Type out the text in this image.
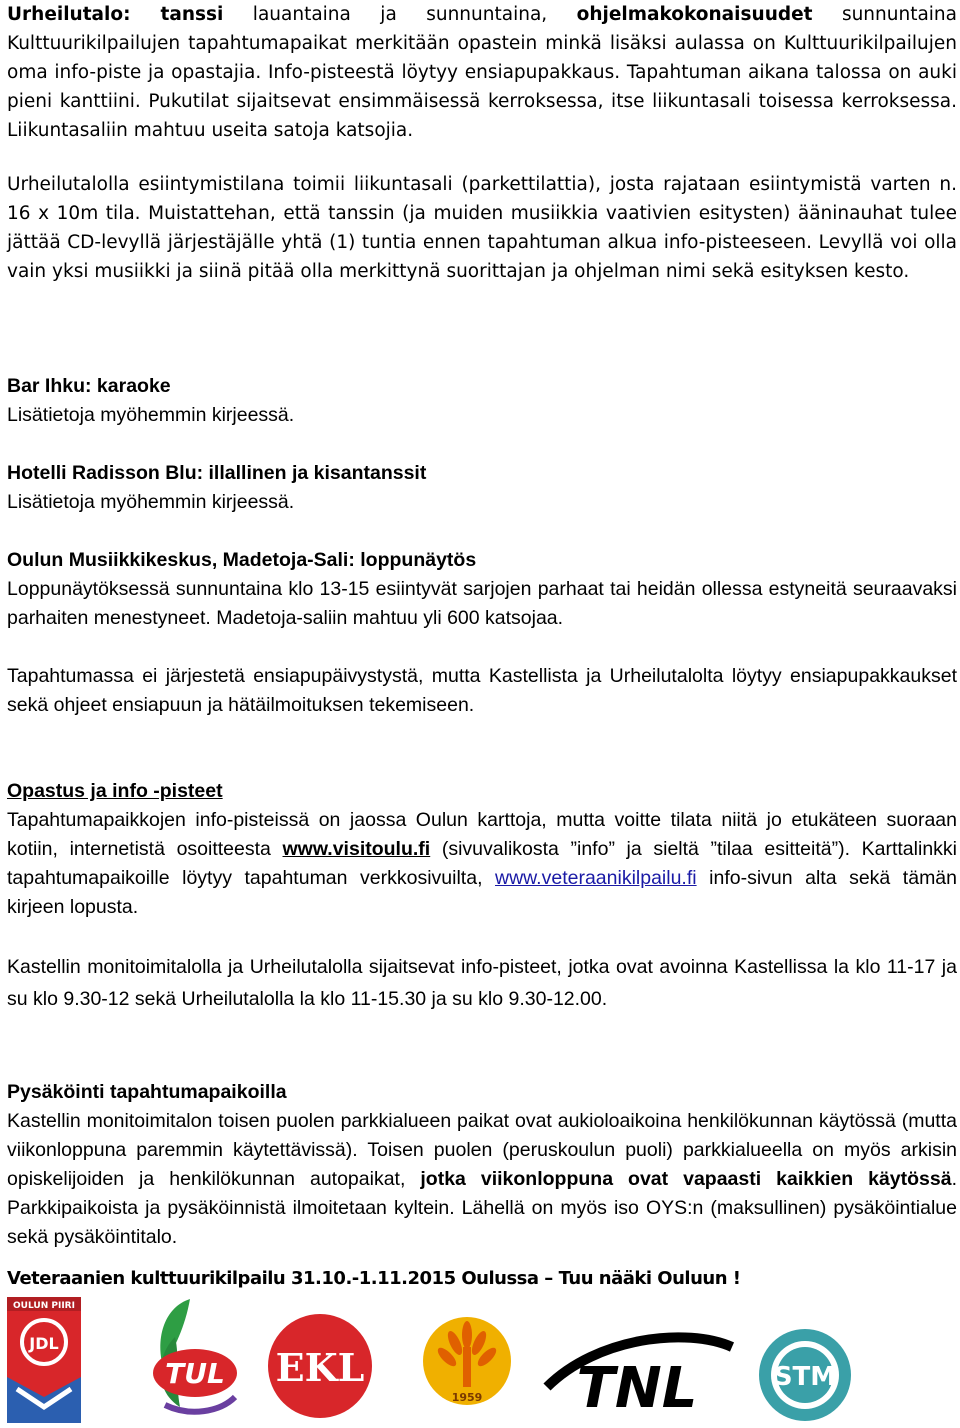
Urheilutalo: tanssi lauantaina ja sunnuntaina, ohjelmakokonaisuudet sunnuntaina Kulttuurikilpailujen tapahtumapaikat merkitään opastein minkä lisäksi aulassa on Kulttuurikilpailujen oma info-piste ja opastajia. Info-pisteestä löytyy ensiapupakkaus. Tapahtuman aikana talossa on auki pieni kanttiini. Pukutilat sijaitsevat ensimmäisessä kerroksessa, itse liikuntasali toisessa kerroksessa. Liikuntasaliin mahtuu useita satoja katsojia.

Urheilutalolla esiintymistilana toimii liikuntasali (parkettilattia), josta rajataan esiintymistä varten n. 16 x 10m tila. Muistattehan, että tanssin (ja muiden musiikkia vaativien esitysten) ääninauhat tulee jättää CD-levyllä järjestäjälle yhtä (1) tuntia ennen tapahtuman alkua info-pisteeseen. Levyllä voi olla vain yksi musiikki ja siinä pitää olla merkittynä suorittajan ja ohjelman nimi sekä esityksen kesto.

Bar Ihku: karaoke

Lisätietoja myöhemmin kirjeessä.

Hotelli Radisson Blu: illallinen ja kisantanssit

Lisätietoja myöhemmin kirjeessä.

Oulun Musiikkikeskus, Madetoja-Sali: loppunäytös

Loppunäytöksessä sunnuntaina klo 13-15 esiintyvät sarjojen parhaat tai heidän ollessa estyneitä seuraavaksi parhaiten menestyneet. Madetoja-saliin mahtuu yli 600 katsojaa.

Tapahtumassa ei järjestetä ensiapupäivystystä, mutta Kastellista ja Urheilutalolta löytyy ensiapupakkaukset sekä ohjeet ensiapuun ja hätäilmoituksen tekemiseen.

Opastus ja info -pisteet

Tapahtumapaikkojen info-pisteissä on jaossa Oulun karttoja, mutta voitte tilata niitä jo etukäteen suoraan kotiin, internetistä osoitteesta www.visitoulu.fi (sivuvalikosta ”info” ja sieltä ”tilaa esitteitä”). Karttalinkki tapahtumapaikoille löytyy tapahtuman verkkosivuilta, www.veteraanikilpailu.fi info-sivun alta sekä tämän kirjeen lopusta.

Kastellin monitoimitalolla ja Urheilutalolla sijaitsevat info-pisteet, jotka ovat avoinna Kastellissa la klo 11-17 ja su klo 9.30-12 sekä Urheilutalolla la klo 11-15.30 ja su klo 9.30-12.00.

Pysäköinti tapahtumapaikoilla

Kastellin monitoimitalon toisen puolen parkkialueen paikat ovat aukioloaikoina henkilökunnan käytössä (mutta viikonloppuna paremmin käytettävissä). Toisen puolen (peruskoulun puoli) parkkialueella on myös arkisin opiskelijoiden ja henkilökunnan autopaikat, jotka viikonloppuna ovat vapaasti kaikkien käytössä. Parkkipaikoista ja pysäköinnistä ilmoitetaan kyltein. Lähellä on myös iso OYS:n (maksullinen) pysäköintialue sekä pysäköintitalo.

Veteraanien kulttuurikilpailu 31.10.-1.11.2015 Oulussa – Tuu nääki Ouluun !
OULUN PIIRI
JDL
TUL EKL
1959 TNL	STM
